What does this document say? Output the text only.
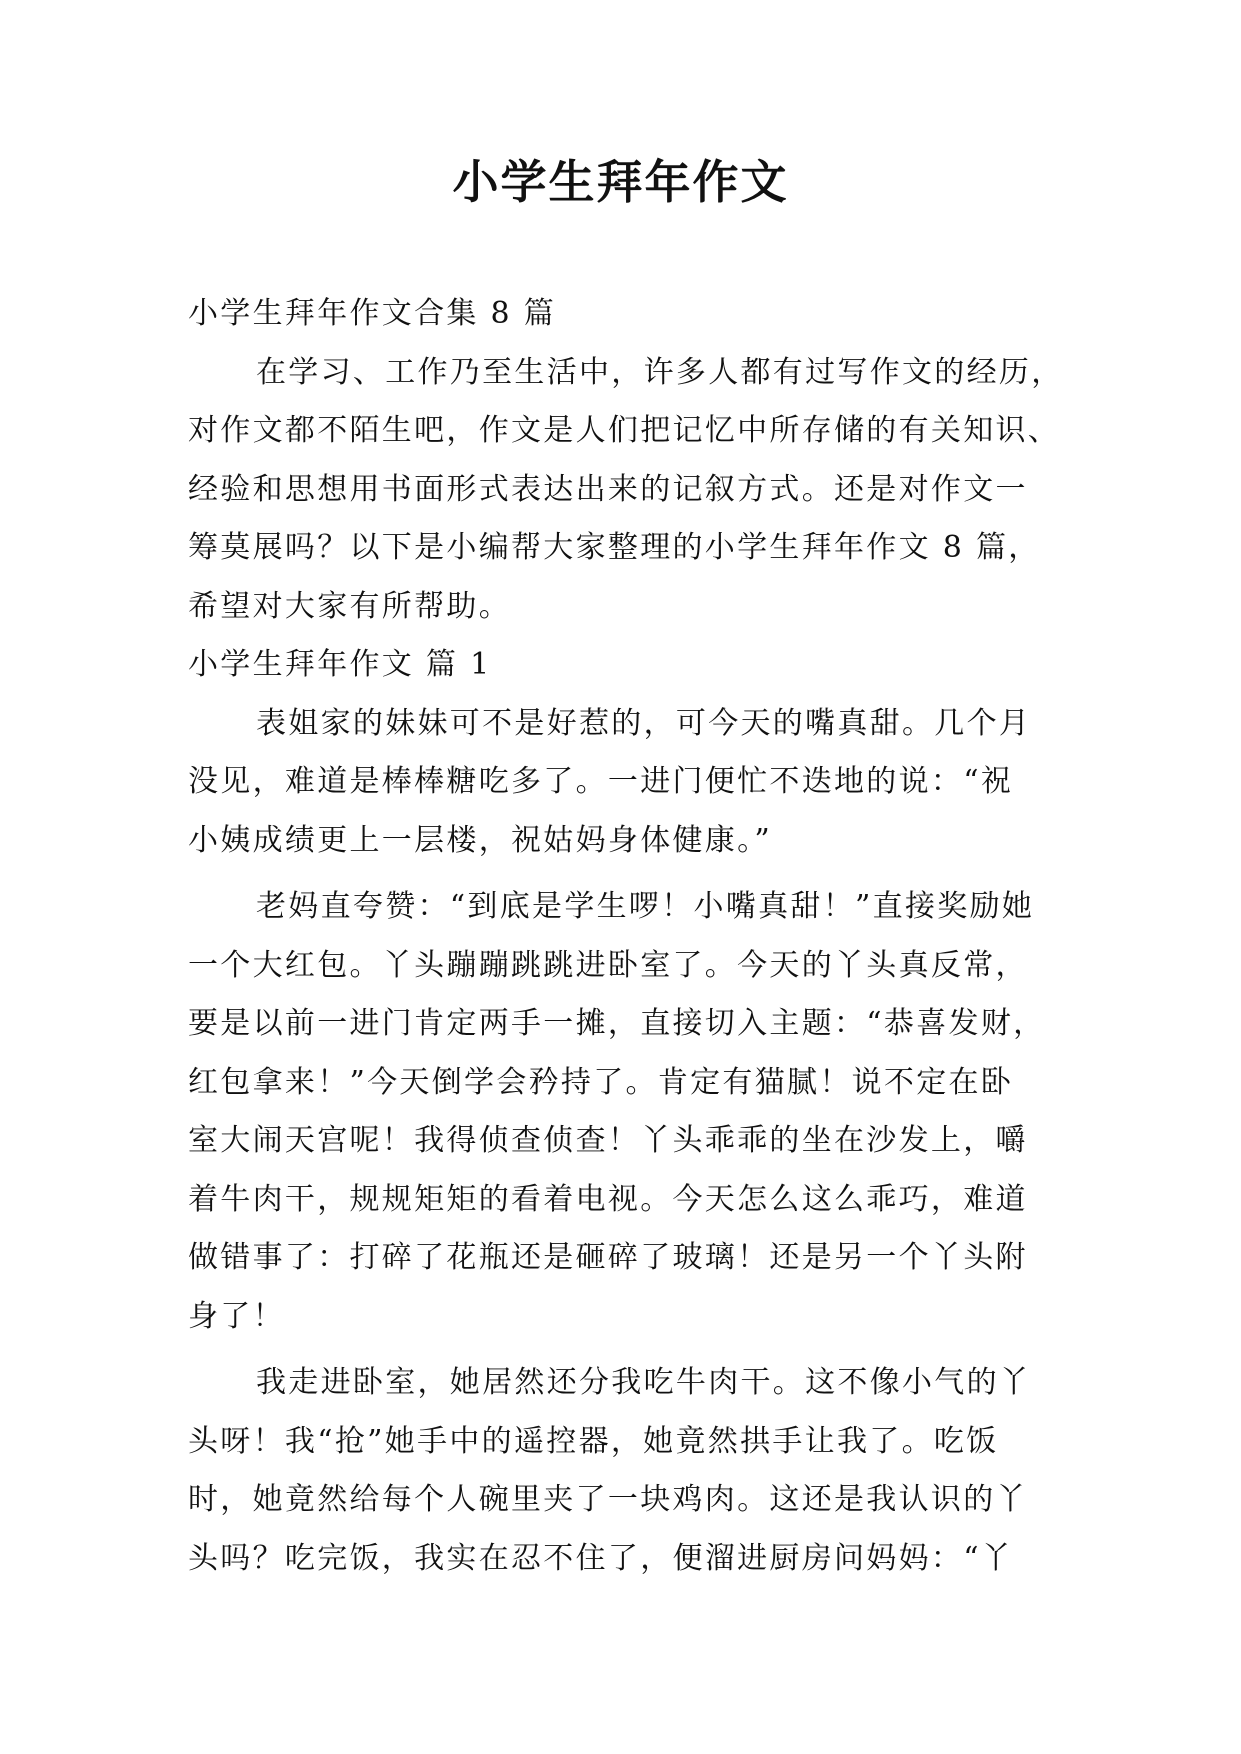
小学生拜年作文
小学生拜年作文合集 8 篇
在学习、工作乃至生活中，许多人都有过写作文的经历，
对作文都不陌生吧，作文是人们把记忆中所存储的有关知识、
经验和思想用书面形式表达出来的记叙方式。还是对作文一
筹莫展吗？以下是小编帮大家整理的小学生拜年作文 8 篇，
希望对大家有所帮助。
小学生拜年作文 篇 1
表姐家的妹妹可不是好惹的，可今天的嘴真甜。几个月
没见，难道是棒棒糖吃多了。一进门便忙不迭地的说：“祝
小姨成绩更上一层楼，祝姑妈身体健康。”
老妈直夸赞：“到底是学生啰！小嘴真甜！”直接奖励她
一个大红包。丫头蹦蹦跳跳进卧室了。今天的丫头真反常，
要是以前一进门肯定两手一摊，直接切入主题：“恭喜发财，
红包拿来！”今天倒学会矜持了。肯定有猫腻！说不定在卧
室大闹天宫呢！我得侦查侦查！丫头乖乖的坐在沙发上，嚼
着牛肉干，规规矩矩的看着电视。今天怎么这么乖巧，难道
做错事了：打碎了花瓶还是砸碎了玻璃！还是另一个丫头附
身了！
我走进卧室，她居然还分我吃牛肉干。这不像小气的丫
头呀！我“抢”她手中的遥控器，她竟然拱手让我了。吃饭
时，她竟然给每个人碗里夹了一块鸡肉。这还是我认识的丫
头吗？吃完饭，我实在忍不住了，便溜进厨房问妈妈：“丫
